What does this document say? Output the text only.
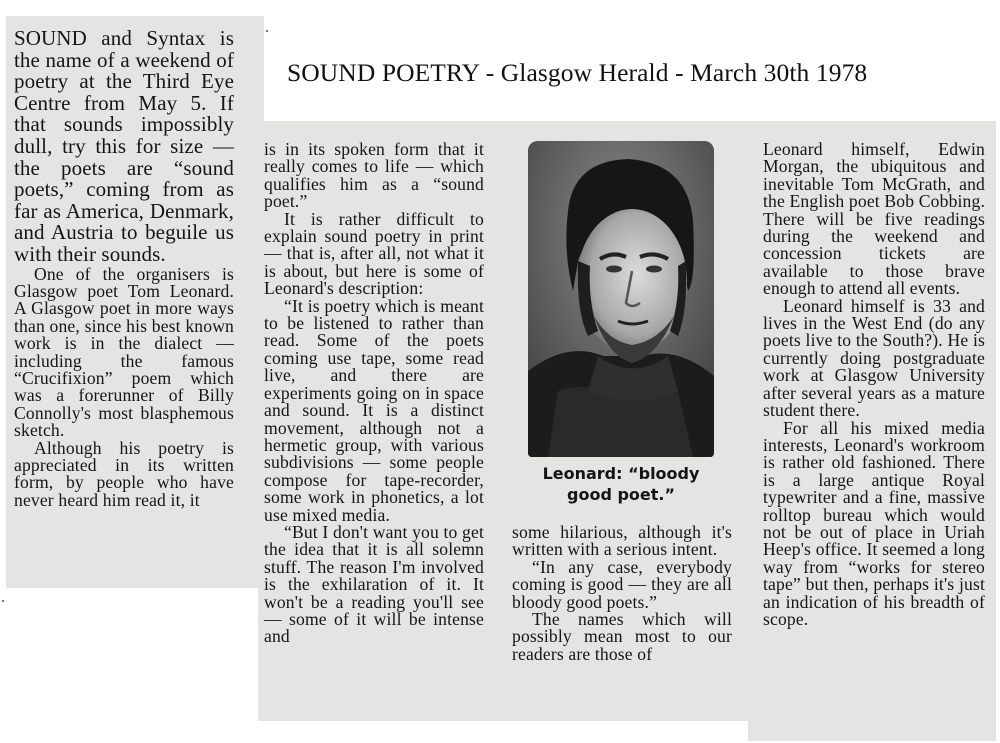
SOUND POETRY - Glasgow Herald - March 30th 1978

SOUND and Syntax is the name of a weekend of poetry at the Third Eye Centre from May 5. If that sounds impossibly dull, try this for size — the poets are “sound poets,” coming from as far as America, Denmark, and Austria to beguile us with their sounds.

One of the organisers is Glasgow poet Tom Leonard. A Glasgow poet in more ways than one, since his best known work is in the dialect — including the famous “Crucifixion” poem which was a forerunner of Billy Connolly's most blasphemous sketch.

Although his poetry is appreciated in its written form, by people who have never heard him read it, it

is in its spoken form that it really comes to life — which qualifies him as a “sound poet.”

It is rather difficult to explain sound poetry in print — that is, after all, not what it is about, but here is some of Leonard's description:

“It is poetry which is meant to be listened to rather than read. Some of the poets coming use tape, some read live, and there are experiments going on in space and sound. It is a distinct movement, although not a hermetic group, with various subdivisions — some people compose for tape-recorder, some work in phonetics, a lot use mixed media.

“But I don't want you to get the idea that it is all solemn stuff. The reason I'm involved is the exhilaration of it. It won't be a reading you'll see — some of it will be intense and

Leonard: “bloody good poet.”

some hilarious, although it's written with a serious intent.

“In any case, everybody coming is good — they are all bloody good poets.”

The names which will possibly mean most to our readers are those of

Leonard himself, Edwin Morgan, the ubiquitous and inevitable Tom McGrath, and the English poet Bob Cobbing. There will be five readings during the weekend and concession tickets are available to those brave enough to attend all events.

Leonard himself is 33 and lives in the West End (do any poets live to the South?). He is currently doing postgraduate work at Glasgow University after several years as a mature student there.

For all his mixed media interests, Leonard's workroom is rather old fashioned. There is a large antique Royal typewriter and a fine, massive rolltop bureau which would not be out of place in Uriah Heep's office. It seemed a long way from “works for stereo tape” but then, perhaps it's just an indication of his breadth of scope.
